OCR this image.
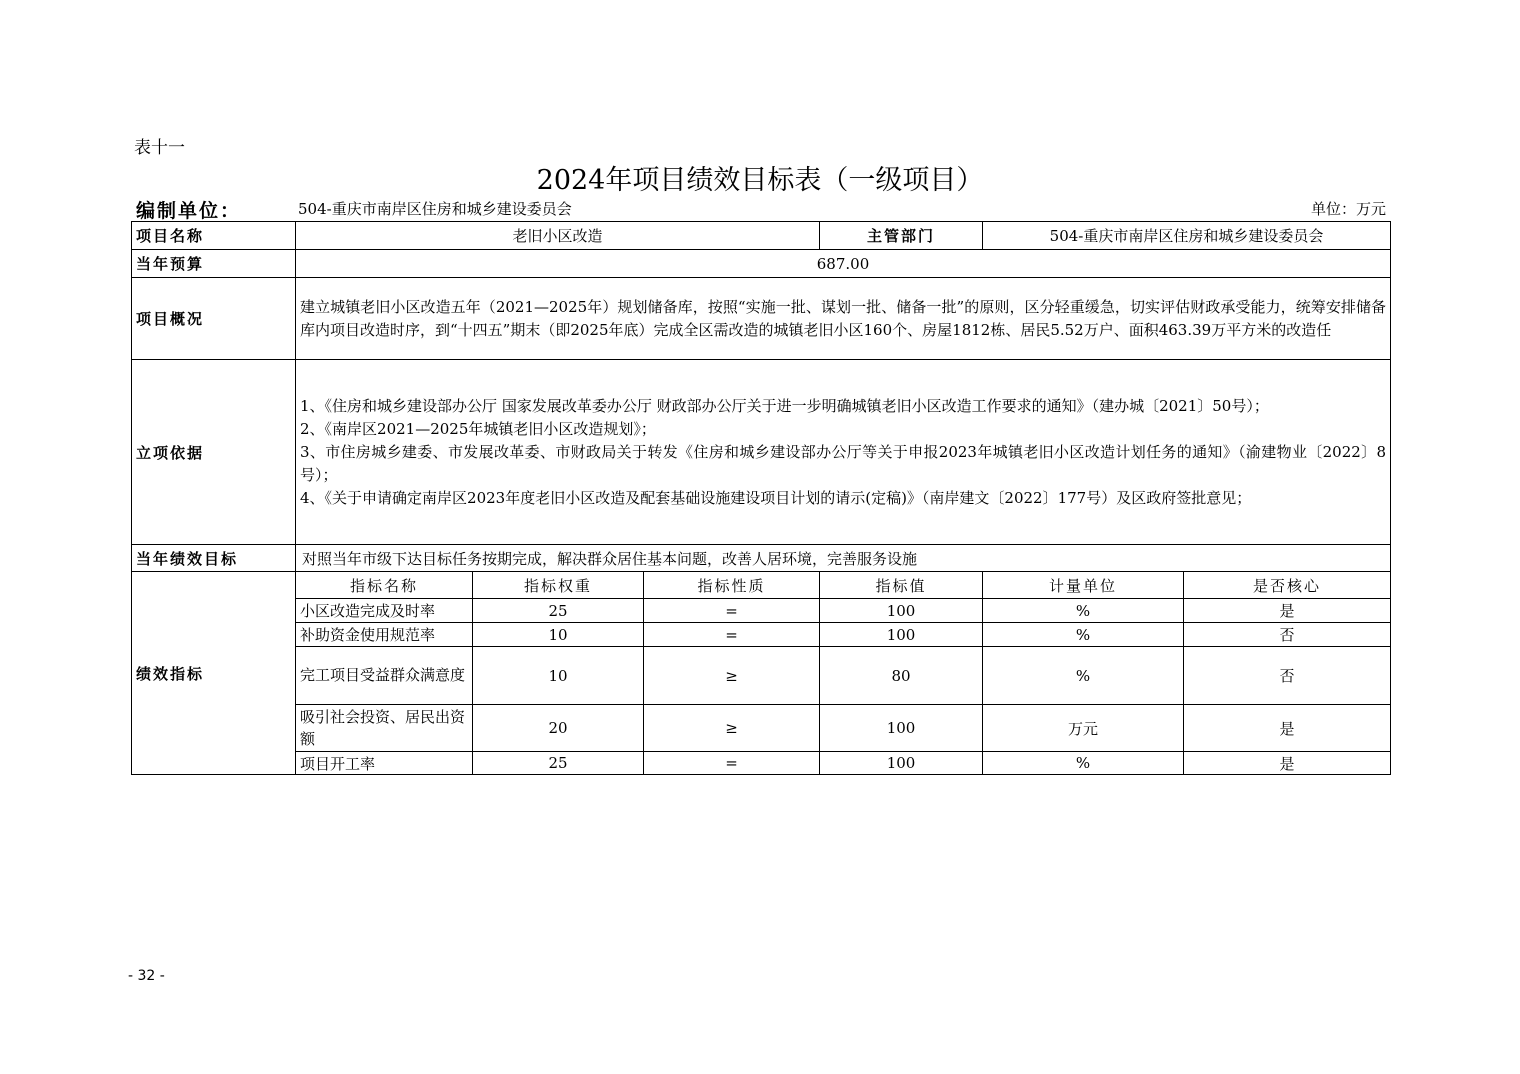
表十一
2024年项目绩效目标表（一级项目）
编制单位：	504-重庆市南岸区住房和城乡建设委员会	单位：万元
项目名称	老旧小区改造			主管部门	504-重庆市南岸区住房和城乡建设委员会	
当年预算	687.00					
项目概况	建立城镇老旧小区改造五年（2021—2025年）规划储备库，按照“实施一批、谋划一批、储备一批”的原则，区分轻重缓急，切实评估财政承受能力，统筹安排储备库内项目改造时序，到“十四五”期末（即2025年底）完成全区需改造的城镇老旧小区160个、房屋1812栋、居民5.52万户、面积463.39万平方米的改造任					
立项依据	1、《住房和城乡建设部办公厅 国家发展改革委办公厅 财政部办公厅关于进一步明确城镇老旧小区改造工作要求的通知》（建办城〔2021〕50号）；
2、《南岸区2021—2025年城镇老旧小区改造规划》；
3、市住房城乡建委、市发展改革委、市财政局关于转发《住房和城乡建设部办公厅等关于申报2023年城镇老旧小区改造计划任务的通知》（渝建物业〔2022〕8号）；
4、《关于申请确定南岸区2023年度老旧小区改造及配套基础设施建设项目计划的请示(定稿)》（南岸建文〔2022〕177号）及区政府签批意见；					

当年绩效目标	对照当年市级下达目标任务按期完成，解决群众居住基本问题，改善人居环境，完善服务设施					
绩效指标	指标名称	指标权重	指标性质	指标值	计量单位	是否核心
	小区改造完成及时率	25	=	100	%	是
	补助资金使用规范率	10	=	100	%	否
	完工项目受益群众满意度	10	≥	80	%	否
	吸引社会投资、居民出资额	20	≥	100	万元	是
	项目开工率	25	=	100	%	是
- 32 -
